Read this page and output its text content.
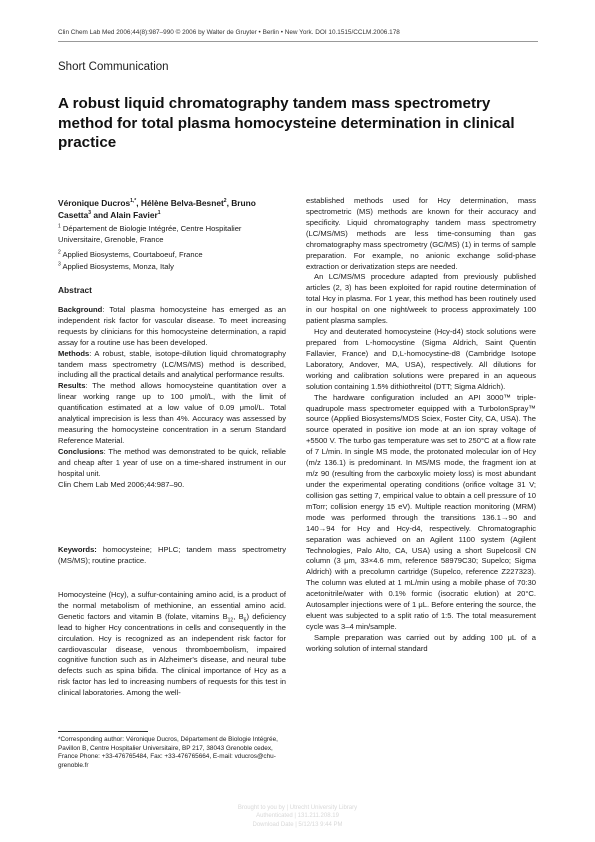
Clin Chem Lab Med 2006;44(8):987–990 © 2006 by Walter de Gruyter • Berlin • New York. DOI 10.1515/CCLM.2006.178
Short Communication
A robust liquid chromatography tandem mass spectrometry method for total plasma homocysteine determination in clinical practice
Véronique Ducros$^{1,*}$, Hélène Belva-Besnet$^2$, Bruno Casetta$^3$ and Alain Favier$^1$
$^1$ Département de Biologie Intégrée, Centre Hospitalier Universitaire, Grenoble, France
$^2$ Applied Biosystems, Courtaboeuf, France
$^3$ Applied Biosystems, Monza, Italy
Abstract

Background: Total plasma homocysteine has emerged as an independent risk factor for vascular disease. To meet increasing requests by clinicians for this homocysteine determination, a rapid assay for a routine use has been developed.

Methods: A robust, stable, isotope-dilution liquid chromatography tandem mass spectrometry (LC/MS/MS) method is described, including all the practical details and analytical performance results.

Results: The method allows homocysteine quantitation over a linear working range up to 100 μmol/L, with the limit of quantification estimated at a low value of 0.09 μmol/L. Total analytical imprecision is less than 4%. Accuracy was assessed by measuring the homocysteine concentration in a serum Standard Reference Material.

Conclusions: The method was demonstrated to be quick, reliable and cheap after 1 year of use on a time-shared instrument in our hospital unit.

Clin Chem Lab Med 2006;44:987–90.

Keywords: homocysteine; HPLC; tandem mass spectrometry (MS/MS); routine practice.

Homocysteine (Hcy), a sulfur-containing amino acid, is a product of the normal metabolism of methionine, an essential amino acid. Genetic factors and vitamin B (folate, vitamins $B_{12}$, $B_6$) deficiency lead to higher Hcy concentrations in cells and consequently in the circulation. Hcy is recognized as an independent risk factor for cardiovascular disease, venous thromboembolism, impaired cognitive function such as in Alzheimer's disease, and neural tube defects such as spina bifida. The clinical importance of Hcy as a risk factor has led to increasing numbers of requests for this test in clinical laboratories. Among the well-

*Corresponding author: Véronique Ducros, Département de Biologie Intégrée, Pavillon B, Centre Hospitalier Universitaire, BP 217, 38043 Grenoble cedex, France Phone: +33-476765484, Fax: +33-476765664, E-mail: vducros@chu-grenoble.fr

established methods used for Hcy determination, mass spectrometric (MS) methods are known for their accuracy and specificity. Liquid chromatography tandem mass spectrometry (LC/MS/MS) methods are less time-consuming than gas chromatography mass spectrometry (GC/MS) (1) in terms of sample preparation. For example, no anionic exchange solid-phase extraction or derivatization steps are needed.

An LC/MS/MS procedure adapted from previously published articles (2, 3) has been exploited for rapid routine determination of total Hcy in plasma. For 1 year, this method has been routinely used in our hospital on one night/week to process approximately 100 patient plasma samples.

Hcy and deuterated homocysteine (Hcy-d4) stock solutions were prepared from L-homocystine (Sigma Aldrich, Saint Quentin Fallavier, France) and D,L-homocystine-d8 (Cambridge Isotope Laboratory, Andover, MA, USA), respectively. All dilutions for working and calibration solutions were prepared in an aqueous solution containing 1.5% dithiothreitol (DTT; Sigma Aldrich).

The hardware configuration included an API 3000™ triple-quadrupole mass spectrometer equipped with a TurboIonSpray™ source (Applied Biosystems/MDS Sciex, Foster City, CA, USA). The source operated in positive ion mode at an ion spray voltage of +5500 V. The turbo gas temperature was set to 250°C at a flow rate of 7 L/min. In single MS mode, the protonated molecular ion of Hcy (m/z 136.1) is predominant. In MS/MS mode, the fragment ion at m/z 90 (resulting from the carboxylic moiety loss) is most abundant under the experimental operating conditions (orifice voltage 31 V; collision gas setting 7, empirical value to obtain a cell pressure of 10 mTorr; collision energy 15 eV). Multiple reaction monitoring (MRM) mode was performed through the transitions 136.1→90 and 140→94 for Hcy and Hcy-d4, respectively. Chromatographic separation was achieved on an Agilent 1100 system (Agilent Technologies, Palo Alto, CA, USA) using a short Supelcosil CN column (3 μm, 33×4.6 mm, reference 58979C30; Supelco; Sigma Aldrich) with a precolumn cartridge (Supelco, reference Z227323). The column was eluted at 1 mL/min using a mobile phase of 70:30 acetonitrile/water with 0.1% formic (isocratic elution) at 20°C. Autosampler injections were of 1 μL. Before entering the source, the eluent was subjected to a split ratio of 1:5. The total measurement cycle was 3–4 min/sample.

Sample preparation was carried out by adding 100 μL of a working solution of internal standard

Brought to you by | Utrecht University Library
Authenticated | 131.211.208.19
Download Date | 5/12/13 9:44 PM
